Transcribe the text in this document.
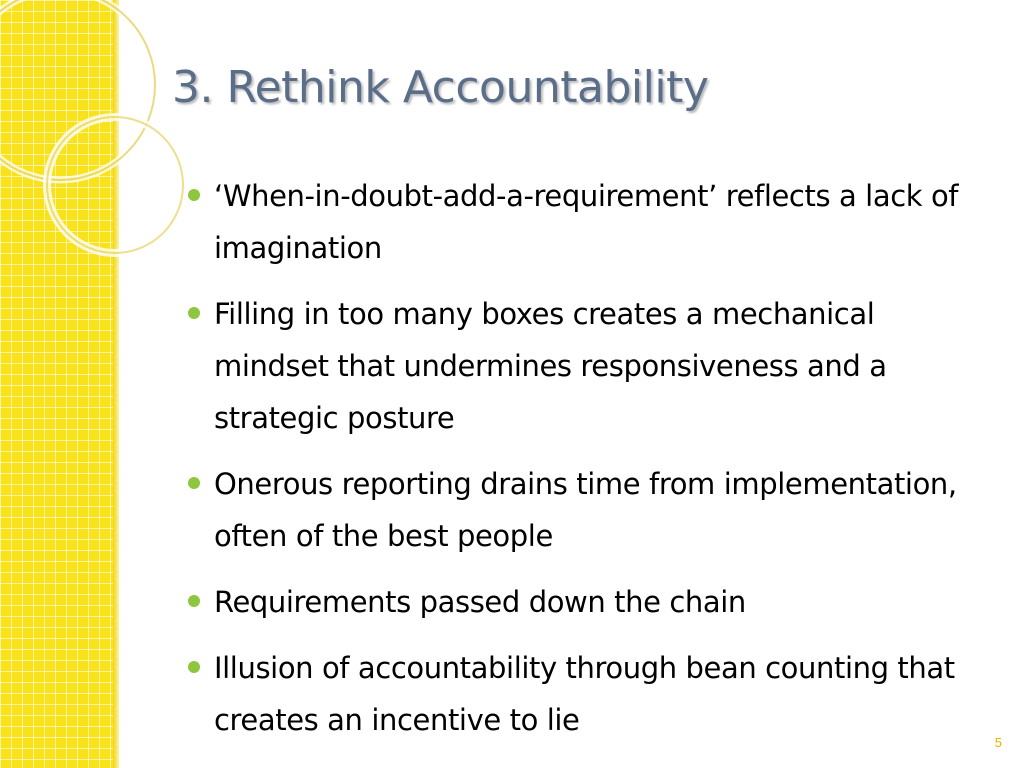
3. Rethink Accountability
‘When-in-doubt-add-a-requirement’ reflects a lack of imagination
Filling in too many boxes creates a mechanical mindset that undermines responsiveness and a strategic posture
Onerous reporting drains time from implementation, often of the best people
Requirements passed down the chain
Illusion of accountability through bean counting that creates an incentive to lie
5
